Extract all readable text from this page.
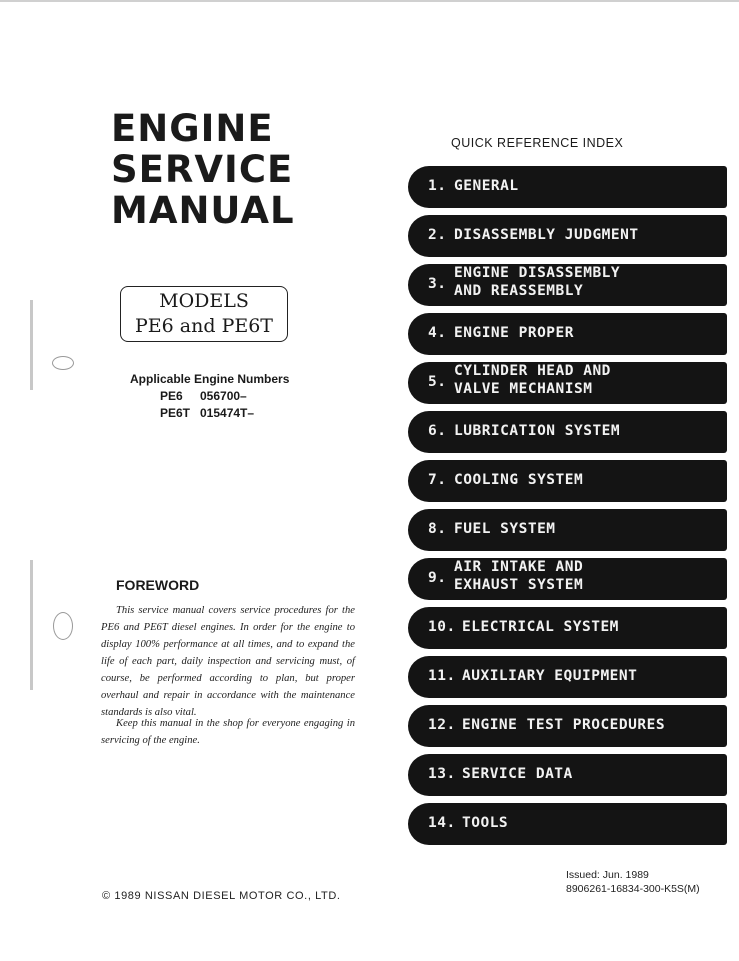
ENGINE
SERVICE
MANUAL
MODELS
PE6 and PE6T
Applicable Engine Numbers
PE6 056700–
PE6T 015474T–
FOREWORD

This service manual covers service procedures for the PE6 and PE6T diesel engines. In order for the engine to display 100% performance at all times, and to expand the life of each part, daily inspection and servicing must, of course, be performed according to plan, but proper overhaul and repair in accordance with the maintenance standards is also vital.

Keep this manual in the shop for everyone engaging in servicing of the engine.

QUICK REFERENCE INDEX
1. GENERAL
2. DISASSEMBLY JUDGMENT
3.
ENGINE DISASSEMBLY
AND REASSEMBLY
4. ENGINE PROPER
5.
CYLINDER HEAD AND
VALVE MECHANISM
6. LUBRICATION SYSTEM
7. COOLING SYSTEM
8. FUEL SYSTEM
9.
AIR INTAKE AND
EXHAUST SYSTEM
10. ELECTRICAL SYSTEM
11. AUXILIARY EQUIPMENT
12. ENGINE TEST PROCEDURES
13. SERVICE DATA
14. TOOLS
Issued: Jun. 1989
8906261-16834-300-K5S(M)
© 1989 NISSAN DIESEL MOTOR CO., LTD.
